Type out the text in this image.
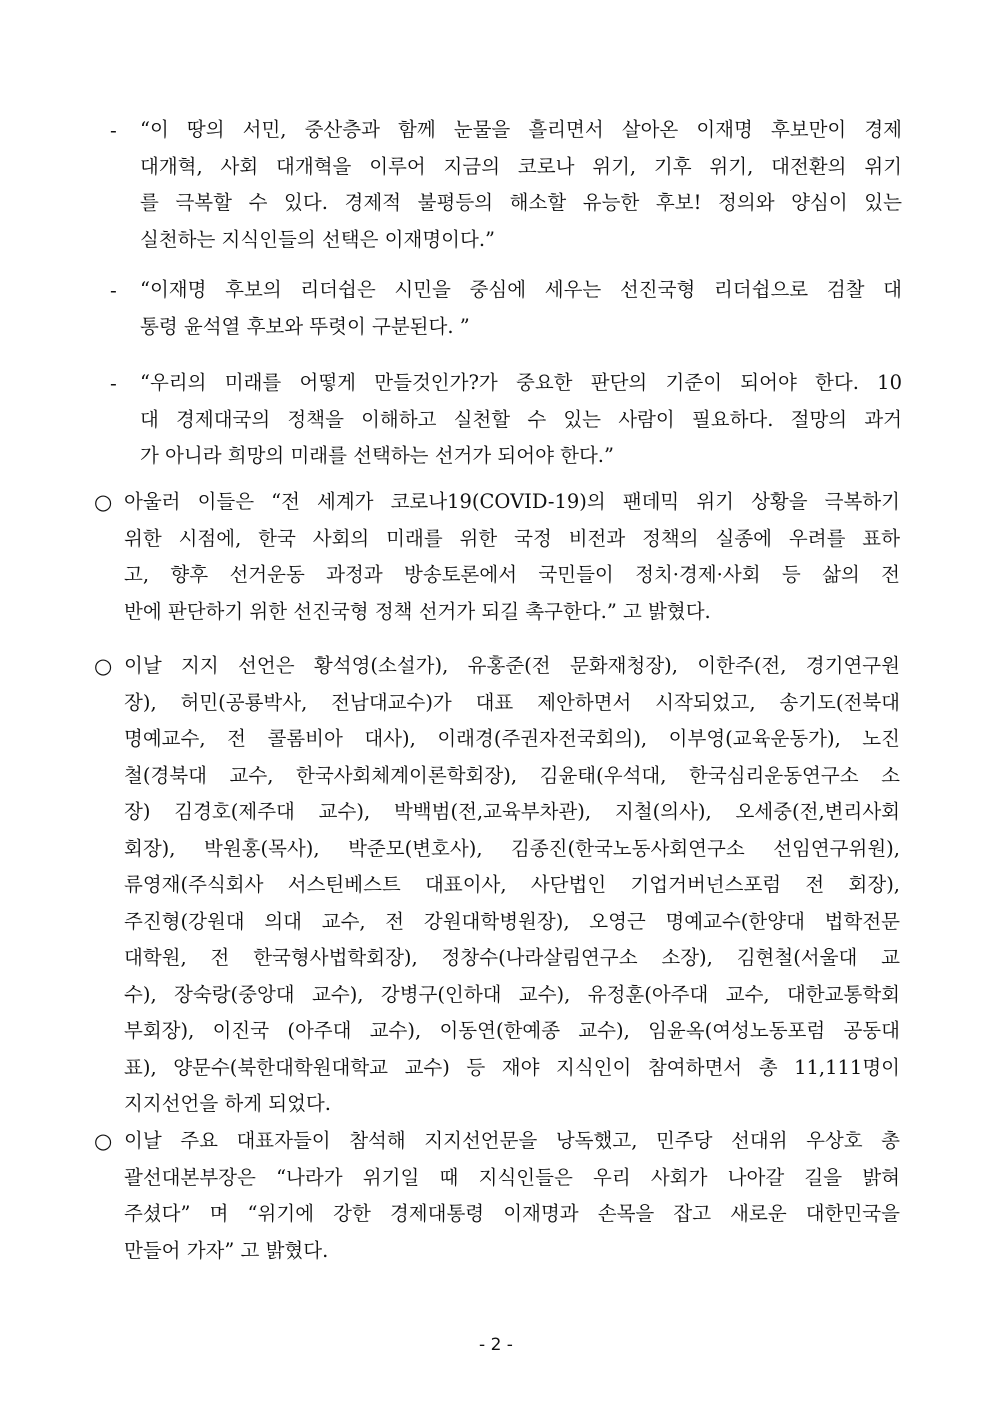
-	“이 땅의 서민, 중산층과 함께 눈물을 흘리면서 살아온 이재명 후보만이 경제
대개혁, 사회 대개혁을 이루어 지금의 코로나 위기, 기후 위기, 대전환의 위기
를 극복할 수 있다. 경제적 불평등의 해소할 유능한 후보! 정의와 양심이 있는
실천하는 지식인들의 선택은 이재명이다.”
-	“이재명 후보의 리더쉽은 시민을 중심에 세우는 선진국형 리더쉽으로 검찰 대
통령 윤석열 후보와 뚜렷이 구분된다. ”
-	“우리의 미래를 어떻게 만들것인가?가 중요한 판단의 기준이 되어야 한다. 10
대 경제대국의 정책을 이해하고 실천할 수 있는 사람이 필요하다. 절망의 과거
가 아니라 희망의 미래를 선택하는 선거가 되어야 한다.”
○ 아울러 이들은 “전 세계가 코로나19(COVID-19)의 팬데믹 위기 상황을 극복하기
위한 시점에, 한국 사회의 미래를 위한 국정 비전과 정책의 실종에 우려를 표하
고, 향후 선거운동 과정과 방송토론에서 국민들이 정치·경제·사회 등 삶의 전
반에 판단하기 위한 선진국형 정책 선거가 되길 촉구한다.” 고 밝혔다.
○ 이날 지지 선언은 황석영(소설가), 유홍준(전 문화재청장), 이한주(전, 경기연구원
장), 허민(공룡박사, 전남대교수)가 대표 제안하면서 시작되었고, 송기도(전북대
명예교수, 전 콜롬비아 대사), 이래경(주권자전국회의), 이부영(교육운동가), 노진
철(경북대 교수, 한국사회체계이론학회장), 김윤태(우석대, 한국심리운동연구소 소
장) 김경호(제주대 교수), 박백범(전,교육부차관), 지철(의사), 오세중(전,변리사회
회장), 박원홍(목사), 박준모(변호사), 김종진(한국노동사회연구소 선임연구위원),
류영재(주식회사 서스틴베스트 대표이사, 사단법인 기업거버넌스포럼 전 회장),
주진형(강원대 의대 교수, 전 강원대학병원장), 오영근 명예교수(한양대 법학전문
대학원, 전 한국형사법학회장), 정창수(나라살림연구소 소장), 김현철(서울대 교
수), 장숙랑(중앙대 교수), 강병구(인하대 교수), 유정훈(아주대 교수, 대한교통학회
부회장), 이진국 (아주대 교수), 이동연(한예종 교수), 임윤옥(여성노동포럼 공동대
표), 양문수(북한대학원대학교 교수) 등 재야 지식인이 참여하면서 총 11,111명이
지지선언을 하게 되었다.
○ 이날 주요 대표자들이 참석해 지지선언문을 낭독했고, 민주당 선대위 우상호 총
괄선대본부장은 “나라가 위기일 때 지식인들은 우리 사회가 나아갈 길을 밝혀
주셨다” 며 “위기에 강한 경제대통령 이재명과 손목을 잡고 새로운 대한민국을
만들어 가자” 고 밝혔다.
- 2 -
